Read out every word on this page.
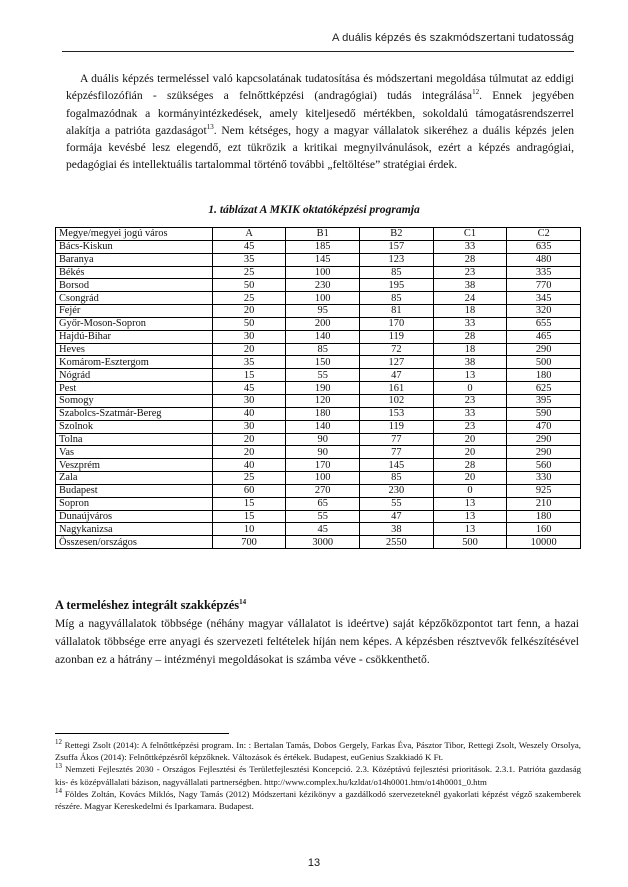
A duális képzés és szakmódszertani tudatosság

A duális képzés termeléssel való kapcsolatának tudatosítása és módszertani megoldása túlmutat az eddigi képzésfilozófián - szükséges a felnőttképzési (andragógiai) tudás integrálása$^{12}$. Ennek jegyében fogalmazódnak a kormányintézkedések, amely kiteljesedő mértékben, sokoldalú támogatásrendszerrel alakítja a patrióta gazdaságot$^{13}$. Nem kétséges, hogy a magyar vállalatok sikeréhez a duális képzés jelen formája kevésbé lesz elegendő, ezt tükrözik a kritikai megnyilvánulások, ezért a képzés andragógiai, pedagógiai és intellektuális tartalommal történő további „feltöltése” stratégiai érdek.

1. táblázat A MKIK oktatóképzési programja
Megye/megyei jogú város	A	B1	B2	C1	C2
Bács-Kiskun	45	185	157	33	635
Baranya	35	145	123	28	480
Békés	25	100	85	23	335
Borsod	50	230	195	38	770
Csongrád	25	100	85	24	345
Fejér	20	95	81	18	320
Győr-Moson-Sopron	50	200	170	33	655
Hajdú-Bihar	30	140	119	28	465
Heves	20	85	72	18	290
Komárom-Esztergom	35	150	127	38	500
Nógrád	15	55	47	13	180
Pest	45	190	161	0	625
Somogy	30	120	102	23	395
Szabolcs-Szatmár-Bereg	40	180	153	33	590
Szolnok	30	140	119	23	470
Tolna	20	90	77	20	290
Vas	20	90	77	20	290
Veszprém	40	170	145	28	560
Zala	25	100	85	20	330
Budapest	60	270	230	0	925
Sopron	15	65	55	13	210
Dunaújváros	15	55	47	13	180
Nagykanizsa	10	45	38	13	160
Összesen/országos	700	3000	2550	500	10000
A termeléshez integrált szakképzés$^{14}$

Míg a nagyvállalatok többsége (néhány magyar vállalatot is ideértve) saját képzőközpontot tart fenn, a hazai vállalatok többsége erre anyagi és szervezeti feltételek híján nem képes. A képzésben résztvevők felkészítésével azonban ez a hátrány – intézményi megoldásokat is számba véve - csökkenthető.

$^{12}$ Rettegi Zsolt (2014): A felnőttképzési program. In: : Bertalan Tamás, Dobos Gergely, Farkas Éva, Pásztor Tibor, Rettegi Zsolt, Weszely Orsolya, Zsuffa Ákos (2014): Felnőttképzésről képzőknek. Változások és értékek. Budapest, euGenius Szakkiadó K Ft.

$^{13}$ Nemzeti Fejlesztés 2030 - Országos Fejlesztési és Területfejlesztési Koncepció. 2.3. Középtávú fejlesztési prioritások. 2.3.1. Patrióta gazdaság kis- és középvállalati bázison, nagyvállalati partnerségben. http://www.complex.hu/kzldat/o14h0001.htm/o14h0001_0.htm

$^{14}$ Földes Zoltán, Kovács Miklós, Nagy Tamás (2012) Módszertani kézikönyv a gazdálkodó szervezeteknél gyakorlati képzést végző szakemberek részére. Magyar Kereskedelmi és Iparkamara. Budapest.

13
